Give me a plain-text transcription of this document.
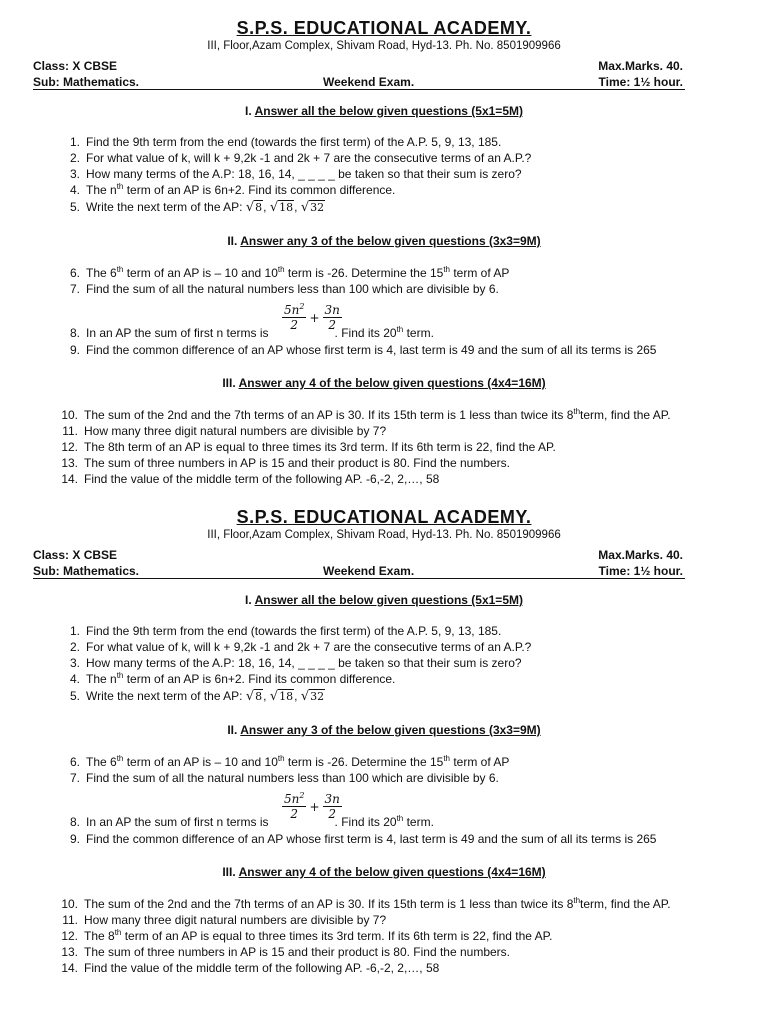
S.P.S. EDUCATIONAL ACADEMY.
III, Floor,Azam Complex, Shivam Road, Hyd-13. Ph. No. 8501909966
Class: X CBSE	Max.Marks. 40.
Sub: Mathematics.	Weekend Exam.	Time: 1½ hour.
I. Answer all the below given questions (5x1=5M)
1. Find the 9th term from the end (towards the first term) of the A.P. 5, 9, 13, 185.
2. For what value of k, will k + 9,2k -1 and 2k + 7 are the consecutive terms of an A.P.?
3. How many terms of the A.P: 18, 16, 14, _ _ _ _ be taken so that their sum is zero?
4. The $n^{th}$ term of an AP is 6n+2. Find its common difference.
5. Write the next term of the AP: √8, √18, √32
II. Answer any 3 of the below given questions (3x3=9M)
6. The 6th term of an AP is – 10 and 10th term is -26. Determine the 15th term of AP
7. Find the sum of all the natural numbers less than 100 which are divisible by 6.
$\frac{5n^2}{2} + \frac{3n}{2}$
8. In an AP the sum of first n terms is	. Find its 20th term.
9. Find the common difference of an AP whose first term is 4, last term is 49 and the sum of all its terms is 265
III. Answer any 4 of the below given questions (4x4=16M)
10. The sum of the 2nd and the 7th terms of an AP is 30. If its 15th term is 1 less than twice its 8thterm, find the AP.
11. How many three digit natural numbers are divisible by 7?
12. The 8th term of an AP is equal to three times its 3rd term. If its 6th term is 22, find the AP.
13. The sum of three numbers in AP is 15 and their product is 80. Find the numbers.
14. Find the value of the middle term of the following AP. -6,-2, 2,…, 58
S.P.S. EDUCATIONAL ACADEMY.
III, Floor,Azam Complex, Shivam Road, Hyd-13. Ph. No. 8501909966
Class: X CBSE	Max.Marks. 40.
Sub: Mathematics.	Weekend Exam.	Time: 1½ hour.
I. Answer all the below given questions (5x1=5M)
1. Find the 9th term from the end (towards the first term) of the A.P. 5, 9, 13, 185.
2. For what value of k, will k + 9,2k -1 and 2k + 7 are the consecutive terms of an A.P.?
3. How many terms of the A.P: 18, 16, 14, _ _ _ _ be taken so that their sum is zero?
4. The $n^{th}$ term of an AP is 6n+2. Find its common difference.
5. Write the next term of the AP: √8, √18, √32
II. Answer any 3 of the below given questions (3x3=9M)
6. The 6th term of an AP is – 10 and 10th term is -26. Determine the 15th term of AP
7. Find the sum of all the natural numbers less than 100 which are divisible by 6.
$\frac{5n^2}{2} + \frac{3n}{2}$
8. In an AP the sum of first n terms is	. Find its 20th term.
9. Find the common difference of an AP whose first term is 4, last term is 49 and the sum of all its terms is 265
III. Answer any 4 of the below given questions (4x4=16M)
10. The sum of the 2nd and the 7th terms of an AP is 30. If its 15th term is 1 less than twice its 8thterm, find the AP.
11. How many three digit natural numbers are divisible by 7?
12. The 8th term of an AP is equal to three times its 3rd term. If its 6th term is 22, find the AP.
13. The sum of three numbers in AP is 15 and their product is 80. Find the numbers.
14. Find the value of the middle term of the following AP. -6,-2, 2,…, 58
